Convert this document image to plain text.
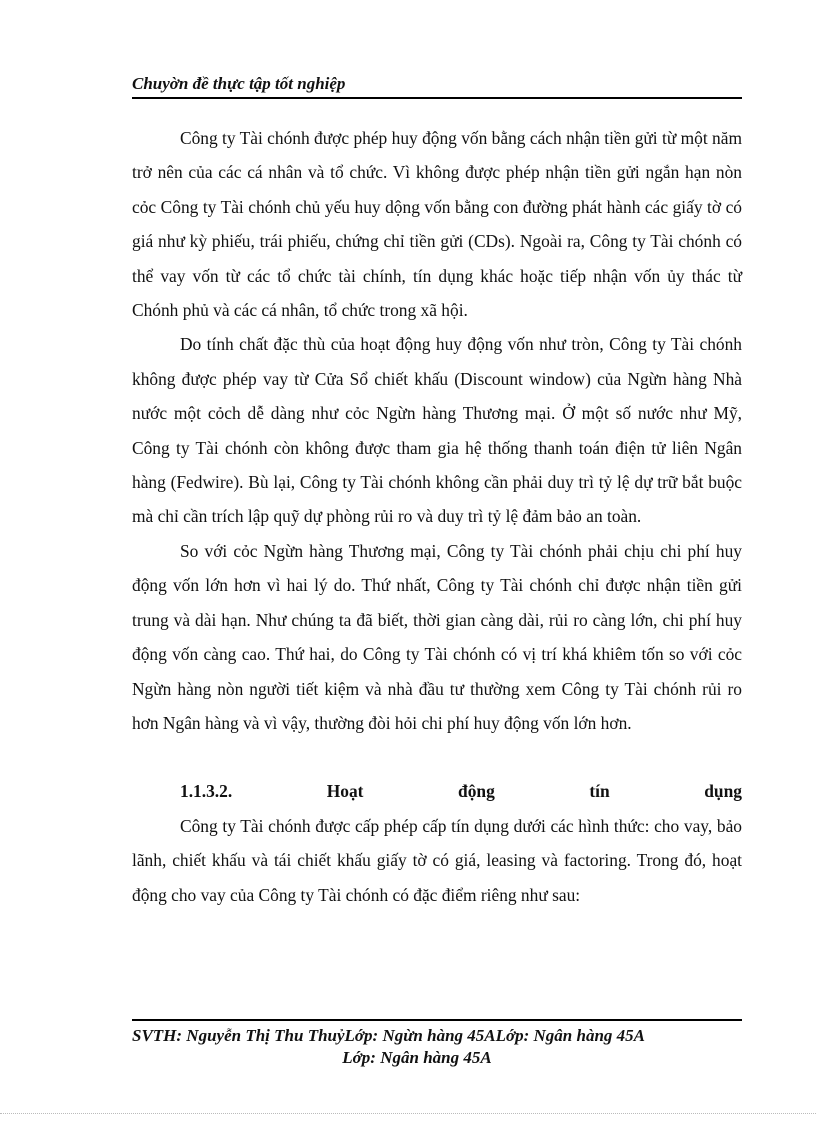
Chuyờn đề thực tập tốt nghiệp

Công ty Tài chónh được phép huy động vốn bằng cách nhận tiền gửi từ một năm trở nên của các cá nhân và tổ chức. Vì không được phép nhận tiền gửi ngắn hạn nòn cỏc Công ty Tài chónh chủ yếu huy dộng vốn bằng con đường phát hành các giấy tờ có giá như kỳ phiếu, trái phiếu, chứng chỉ tiền gửi (CDs). Ngoài ra, Công ty Tài chónh có thể vay vốn từ các tổ chức tài chính, tín dụng khác hoặc tiếp nhận vốn ủy thác từ Chónh phủ và các cá nhân, tổ chức trong xã hội.

Do tính chất đặc thù của hoạt động huy động vốn như tròn, Công ty Tài chónh không được phép vay từ Cửa Sổ chiết khấu (Discount window) của Ngừn hàng Nhà nước một cỏch dễ dàng như cỏc Ngừn hàng Thương mại. Ở một số nước như Mỹ, Công ty Tài chónh còn không được tham gia hệ thống thanh toán điện tử liên Ngân hàng (Fedwire). Bù lại, Công ty Tài chónh không cần phải duy trì tỷ lệ dự trữ bắt buộc mà chỉ cần trích lập quỹ dự phòng rủi ro và duy trì tỷ lệ đảm bảo an toàn.

So với cỏc Ngừn hàng Thương mại, Công ty Tài chónh phải chịu chi phí huy động vốn lớn hơn vì hai lý do. Thứ nhất, Công ty Tài chónh chỉ được nhận tiền gửi trung và dài hạn. Như chúng ta đã biết, thời gian càng dài, rủi ro càng lớn, chi phí huy động vốn càng cao. Thứ hai, do Công ty Tài chónh có vị trí khá khiêm tốn so với cỏc Ngừn hàng nòn người tiết kiệm và nhà đầu tư thường xem Công ty Tài chónh rủi ro hơn Ngân hàng và vì vậy, thường đòi hỏi chi phí huy động vốn lớn hơn.

1.1.3.2.	Hoạt	động	tín	dụng

Công ty Tài chónh được cấp phép cấp tín dụng dưới các hình thức: cho vay, bảo lãnh, chiết khấu và tái chiết khấu giấy tờ có giá, leasing và factoring. Trong đó, hoạt động cho vay của Công ty Tài chónh có đặc điểm riêng như sau:

SVTH: Nguyễn Thị Thu ThuỷLớp: Ngừn hàng 45ALớp: Ngân hàng 45A
Lớp: Ngân hàng 45A
